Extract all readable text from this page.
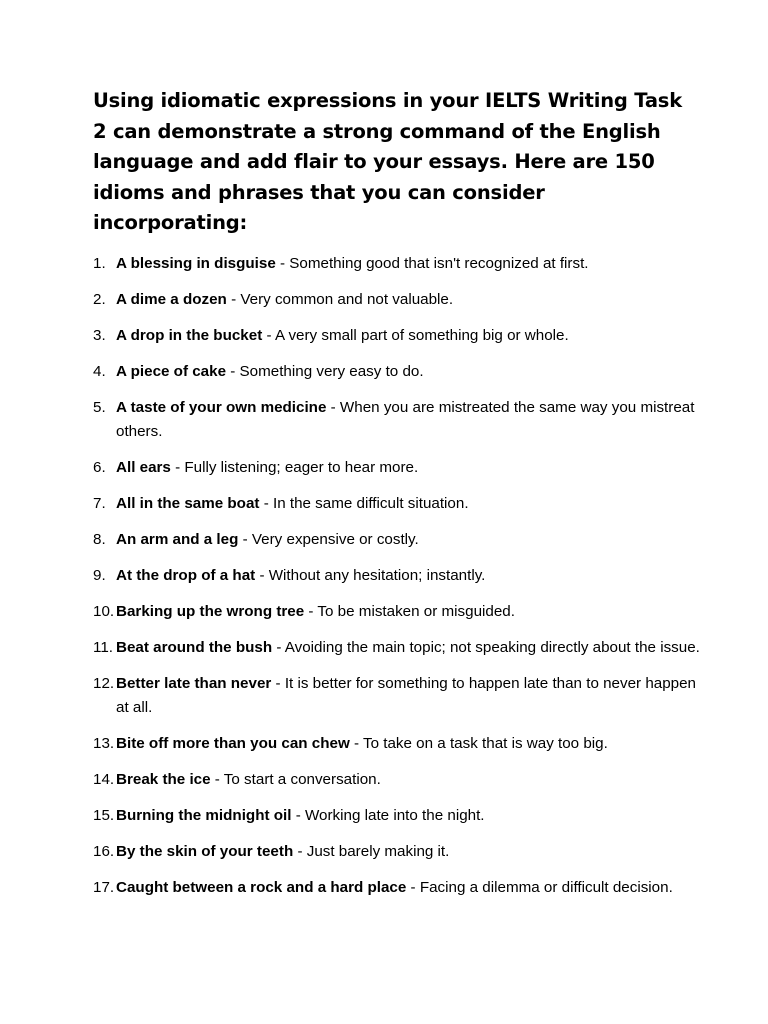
Using idiomatic expressions in your IELTS Writing Task 2 can demonstrate a strong command of the English language and add flair to your essays. Here are 150 idioms and phrases that you can consider incorporating:

1. A blessing in disguise - Something good that isn't recognized at first.
2. A dime a dozen - Very common and not valuable.
3. A drop in the bucket - A very small part of something big or whole.
4. A piece of cake - Something very easy to do.
5. A taste of your own medicine - When you are mistreated the same way you mistreat others.
6. All ears - Fully listening; eager to hear more.
7. All in the same boat - In the same difficult situation.
8. An arm and a leg - Very expensive or costly.
9. At the drop of a hat - Without any hesitation; instantly.
10. Barking up the wrong tree - To be mistaken or misguided.
11. Beat around the bush - Avoiding the main topic; not speaking directly about the issue.
12. Better late than never - It is better for something to happen late than to never happen at all.
13. Bite off more than you can chew - To take on a task that is way too big.
14. Break the ice - To start a conversation.
15. Burning the midnight oil - Working late into the night.
16. By the skin of your teeth - Just barely making it.
17. Caught between a rock and a hard place - Facing a dilemma or difficult decision.
